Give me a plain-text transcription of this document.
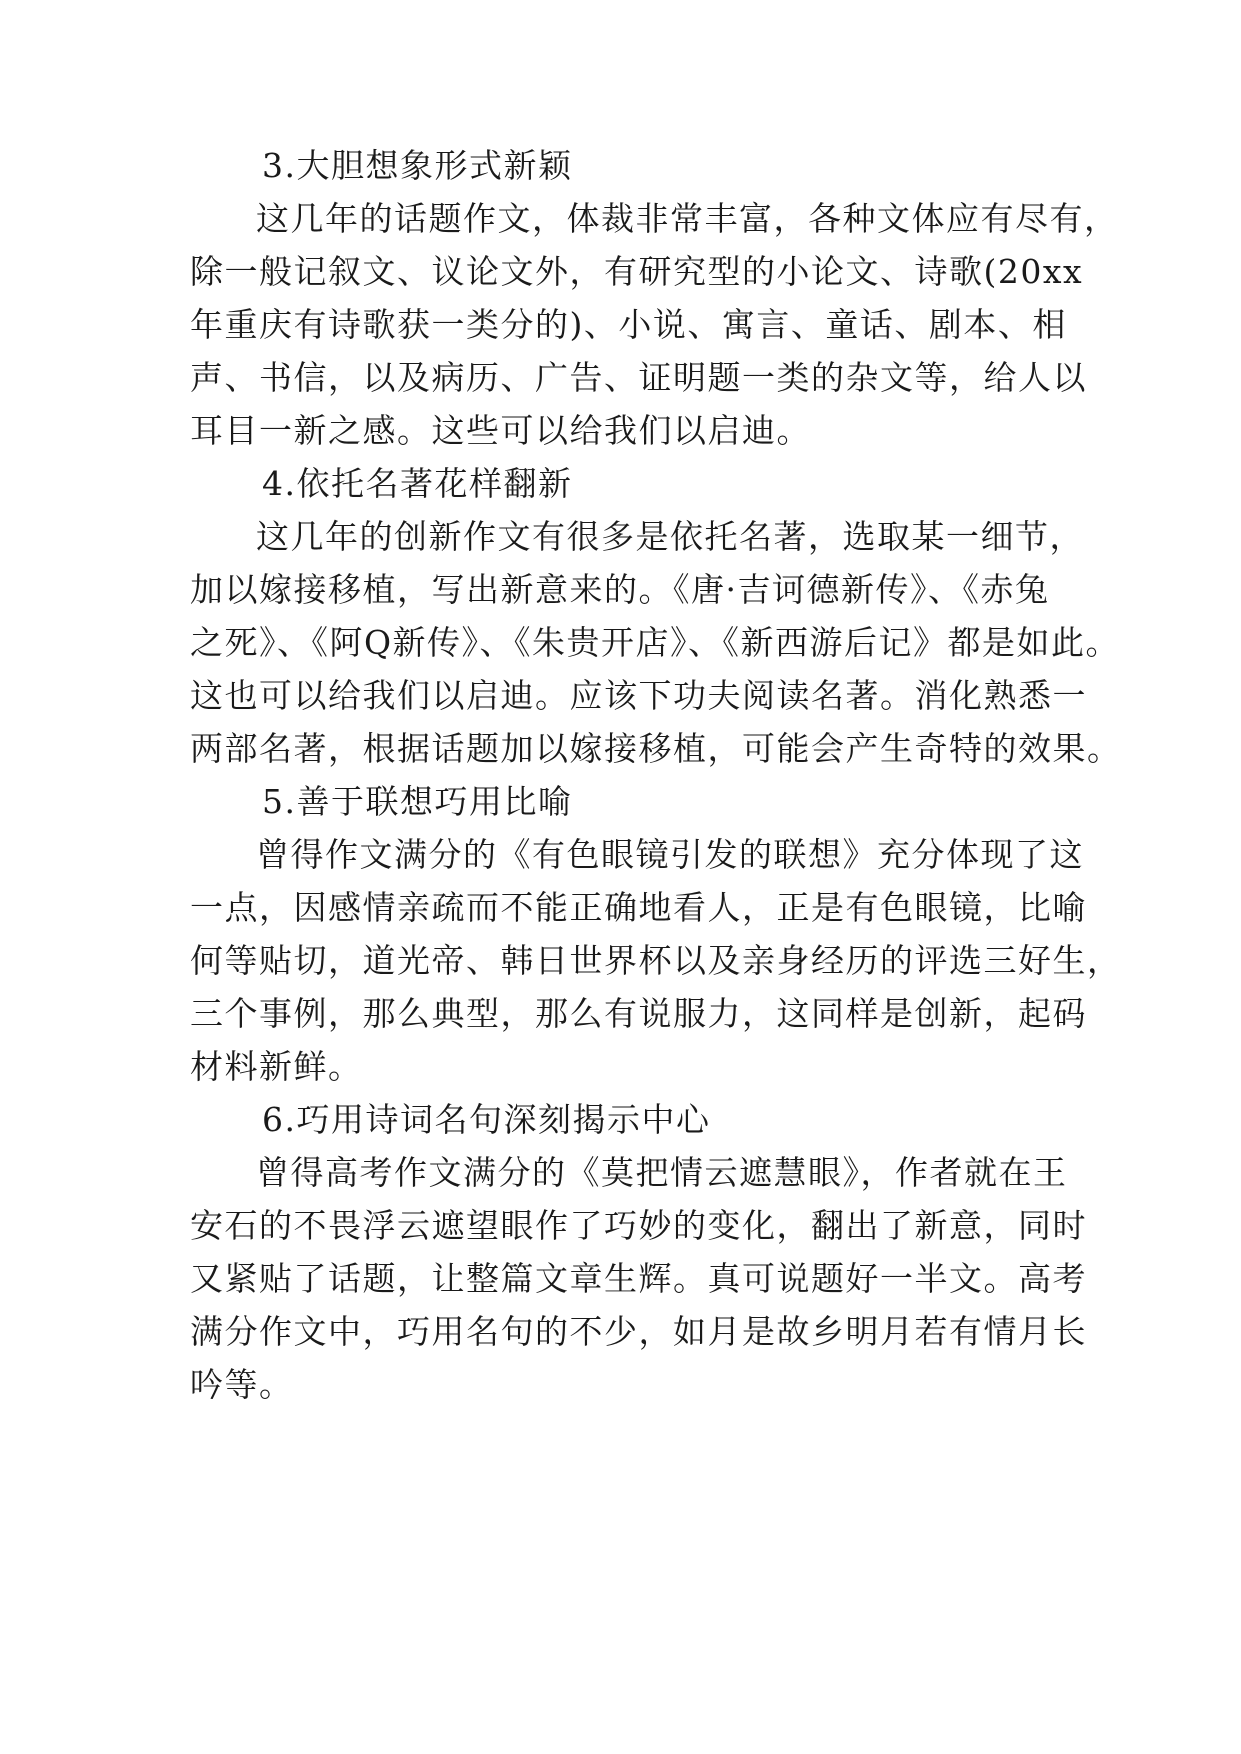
3.大胆想象形式新颖
这几年的话题作文，体裁非常丰富，各种文体应有尽有，
除一般记叙文、议论文外，有研究型的小论文、诗歌(20xx
年重庆有诗歌获一类分的)、小说、寓言、童话、剧本、相
声、书信，以及病历、广告、证明题一类的杂文等，给人以
耳目一新之感。这些可以给我们以启迪。
4.依托名著花样翻新
这几年的创新作文有很多是依托名著，选取某一细节，
加以嫁接移植，写出新意来的。《唐·吉诃德新传》、《赤兔
之死》、《阿Q新传》、《朱贵开店》、《新西游后记》都是如此。
这也可以给我们以启迪。应该下功夫阅读名著。消化熟悉一
两部名著，根据话题加以嫁接移植，可能会产生奇特的效果。
5.善于联想巧用比喻
曾得作文满分的《有色眼镜引发的联想》充分体现了这
一点，因感情亲疏而不能正确地看人，正是有色眼镜，比喻
何等贴切，道光帝、韩日世界杯以及亲身经历的评选三好生，
三个事例，那么典型，那么有说服力，这同样是创新，起码
材料新鲜。
6.巧用诗词名句深刻揭示中心
曾得高考作文满分的《莫把情云遮慧眼》，作者就在王
安石的不畏浮云遮望眼作了巧妙的变化，翻出了新意，同时
又紧贴了话题，让整篇文章生辉。真可说题好一半文。高考
满分作文中，巧用名句的不少，如月是故乡明月若有情月长
吟等。
